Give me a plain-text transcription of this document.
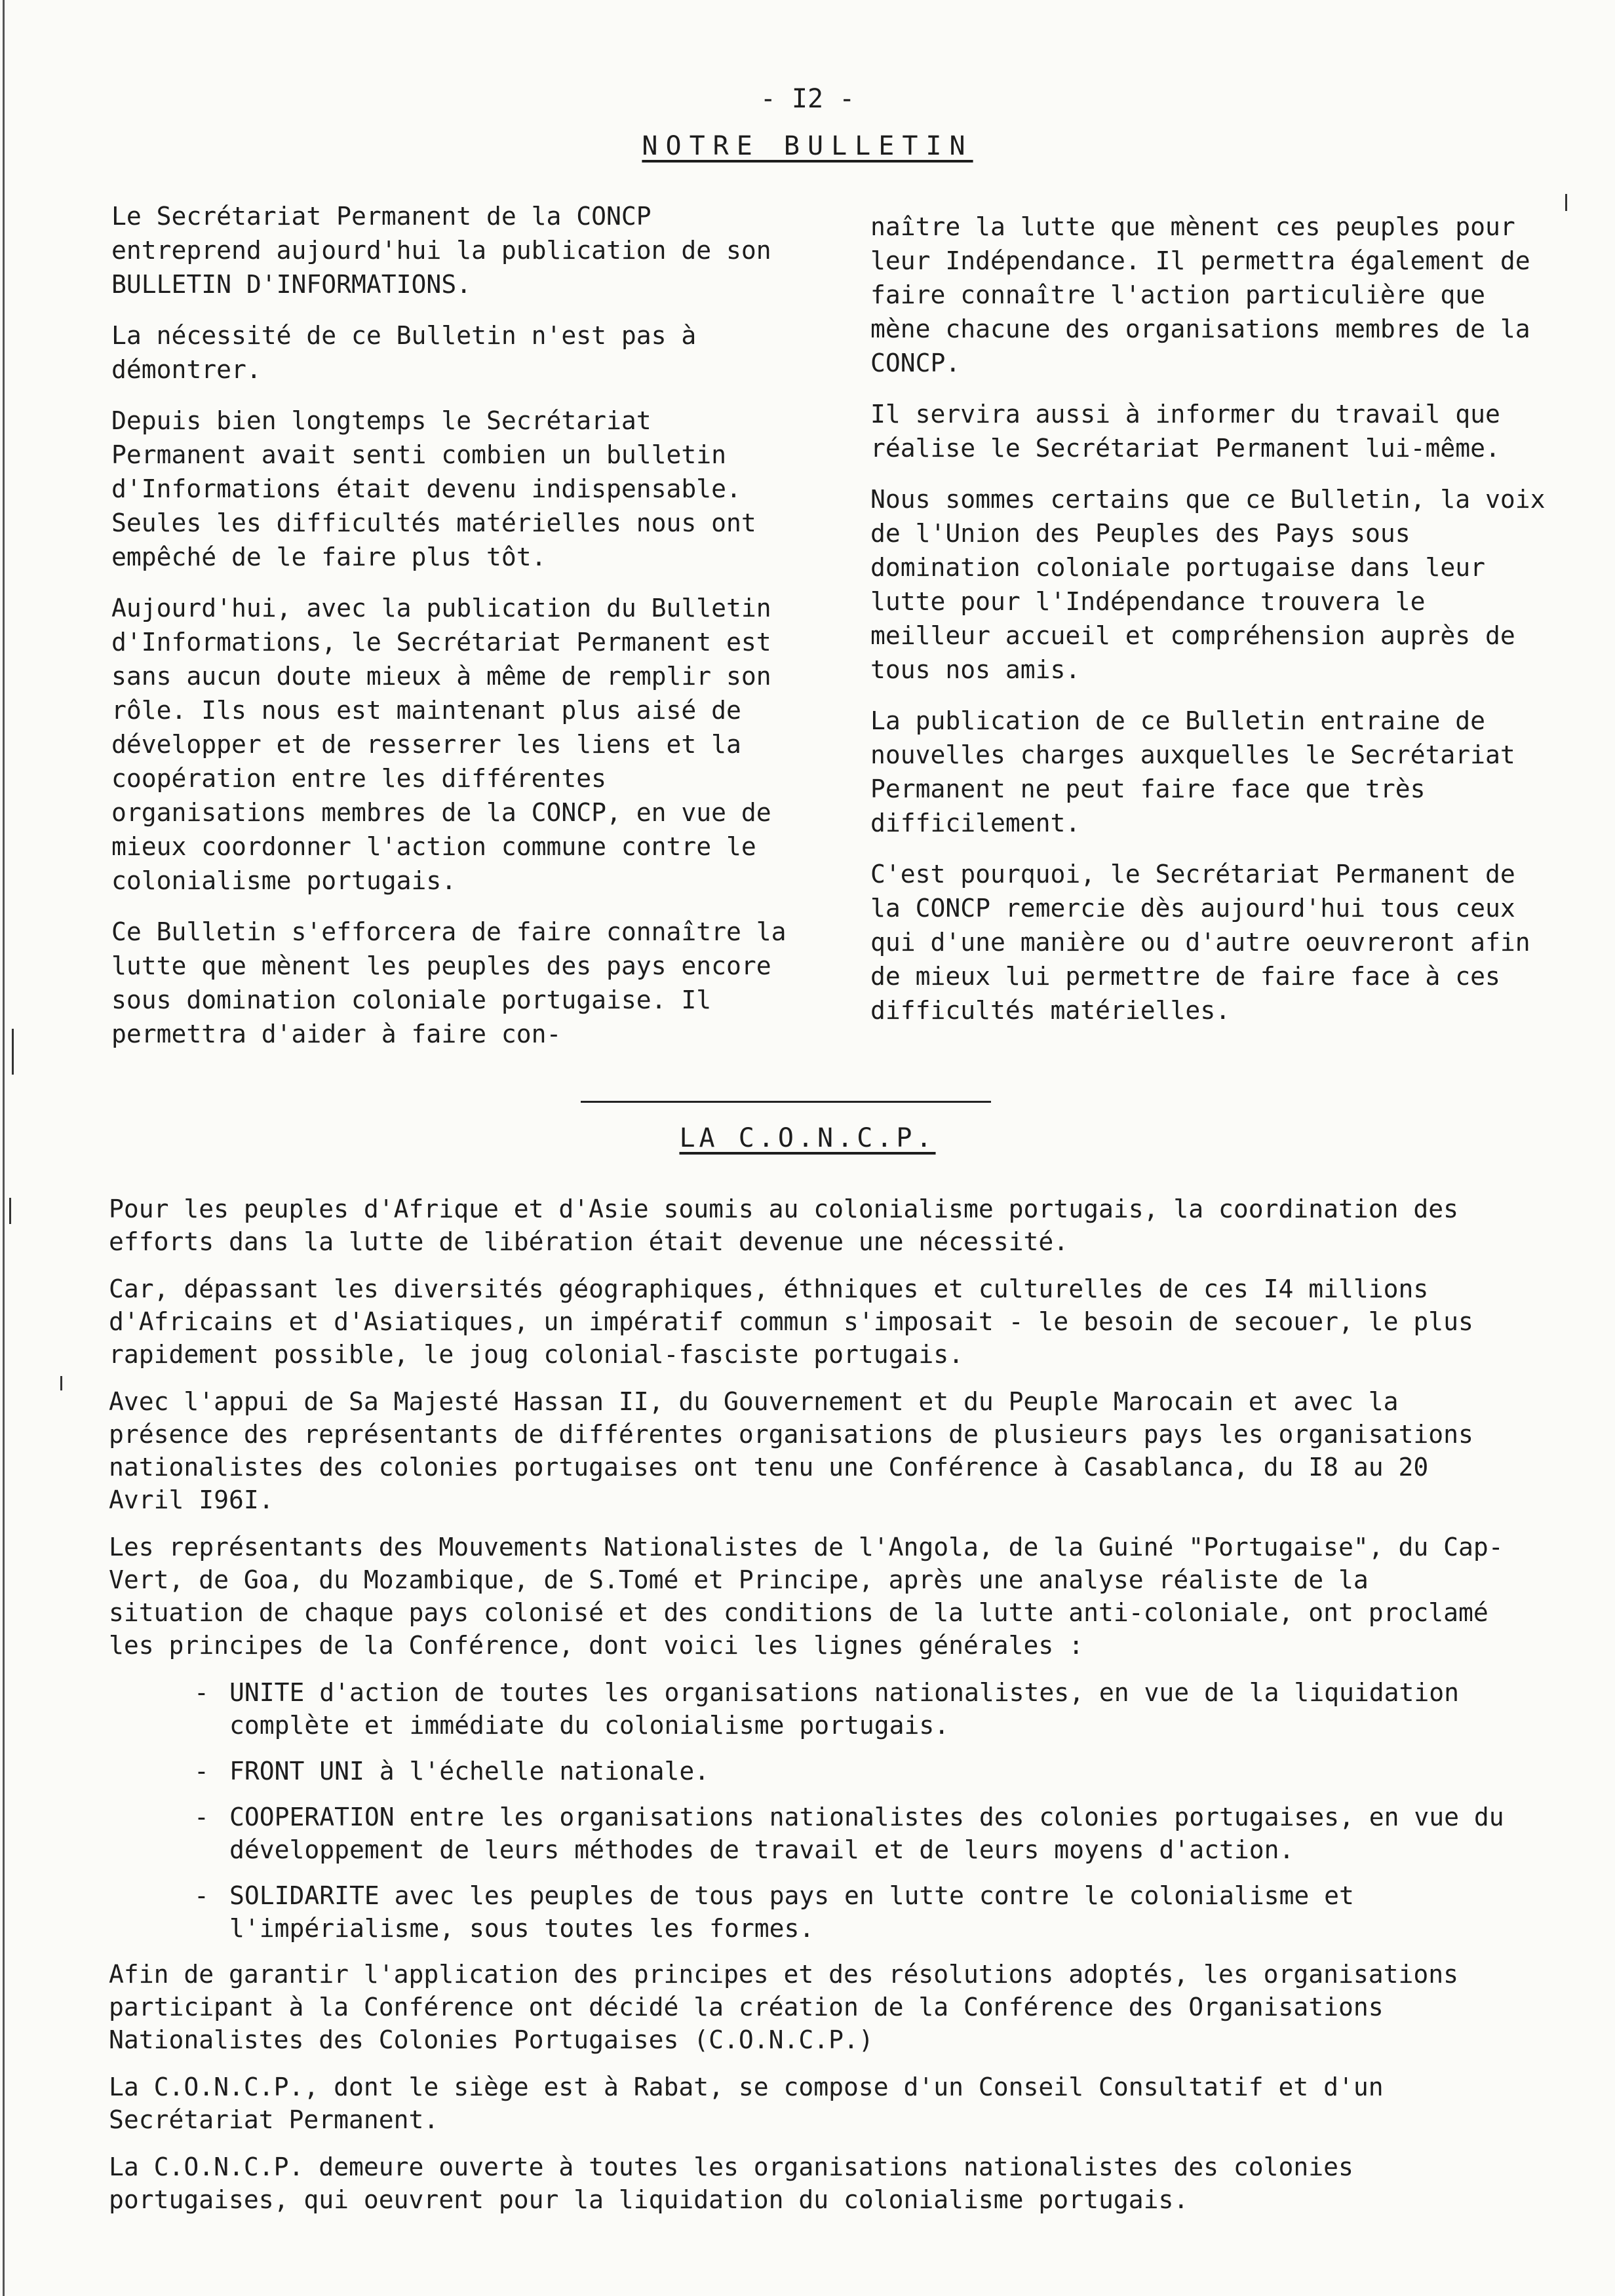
- I2 -
NOTRE BULLETIN

Le Secrétariat Permanent de la CONCP entreprend aujourd'hui la publication de son BULLETIN D'INFORMATIONS.

La nécessité de ce Bulletin n'est pas à démontrer.

Depuis bien longtemps le Secrétariat Permanent avait senti combien un bulletin d'Informations était devenu indispensable. Seules les difficultés matérielles nous ont empêché de le faire plus tôt.

Aujourd'hui, avec la publication du Bulletin d'Informations, le Secrétariat Permanent est sans aucun doute mieux à même de remplir son rôle. Ils nous est maintenant plus aisé de développer et de resserrer les liens et la coopération entre les différentes organisations membres de la CONCP, en vue de mieux coordonner l'action commune contre le colonialisme portugais.

Ce Bulletin s'efforcera de faire connaître la lutte que mènent les peuples des pays encore sous domination coloniale portugaise. Il permettra d'aider à faire con-

naître la lutte que mènent ces peuples pour leur Indépendance. Il permettra également de faire connaître l'action particulière que mène chacune des organisations membres de la CONCP.

Il servira aussi à informer du travail que réalise le Secrétariat Permanent lui-même.

Nous sommes certains que ce Bulletin, la voix de l'Union des Peuples des Pays sous domination coloniale portugaise dans leur lutte pour l'Indépendance trouvera le meilleur accueil et compréhension auprès de tous nos amis.

La publication de ce Bulletin entraine de nouvelles charges auxquelles le Secrétariat Permanent ne peut faire face que très difficilement.

C'est pourquoi, le Secrétariat Permanent de la CONCP remercie dès aujourd'hui tous ceux qui d'une manière ou d'autre oeuvreront afin de mieux lui permettre de faire face à ces difficultés matérielles.

LA C.O.N.C.P.

Pour les peuples d'Afrique et d'Asie soumis au colonialisme portugais, la coordination des efforts dans la lutte de libération était devenue une nécessité.

Car, dépassant les diversités géographiques, éthniques et culturelles de ces I4 millions d'Africains et d'Asiatiques, un impératif commun s'imposait - le besoin de secouer, le plus rapidement possible, le joug colonial-fasciste portugais.

Avec l'appui de Sa Majesté Hassan II, du Gouvernement et du Peuple Marocain et avec la présence des représentants de différentes organisations de plusieurs pays les organisations nationalistes des colonies portugaises ont tenu une Conférence à Casablanca, du I8 au 20 Avril I96I.

Les représentants des Mouvements Nationalistes de l'Angola, de la Guiné "Portugaise", du Cap-Vert, de Goa, du Mozambique, de S.Tomé et Principe, après une analyse réaliste de la situation de chaque pays colonisé et des conditions de la lutte anti-coloniale, ont proclamé les principes de la Conférence, dont voici les lignes générales :

- UNITE d'action de toutes les organisations nationalistes, en vue de la liquidation complète et immédiate du colonialisme portugais.
- FRONT UNI à l'échelle nationale.
- COOPERATION entre les organisations nationalistes des colonies portugaises, en vue du développement de leurs méthodes de travail et de leurs moyens d'action.
- SOLIDARITE avec les peuples de tous pays en lutte contre le colonialisme et l'impérialisme, sous toutes les formes.

Afin de garantir l'application des principes et des résolutions adoptés, les organisations participant à la Conférence ont décidé la création de la Conférence des Organisations Nationalistes des Colonies Portugaises (C.O.N.C.P.)

La C.O.N.C.P., dont le siège est à Rabat, se compose d'un Conseil Consultatif et d'un Secrétariat Permanent.

La C.O.N.C.P. demeure ouverte à toutes les organisations nationalistes des colonies portugaises, qui oeuvrent pour la liquidation du colonialisme portugais.
